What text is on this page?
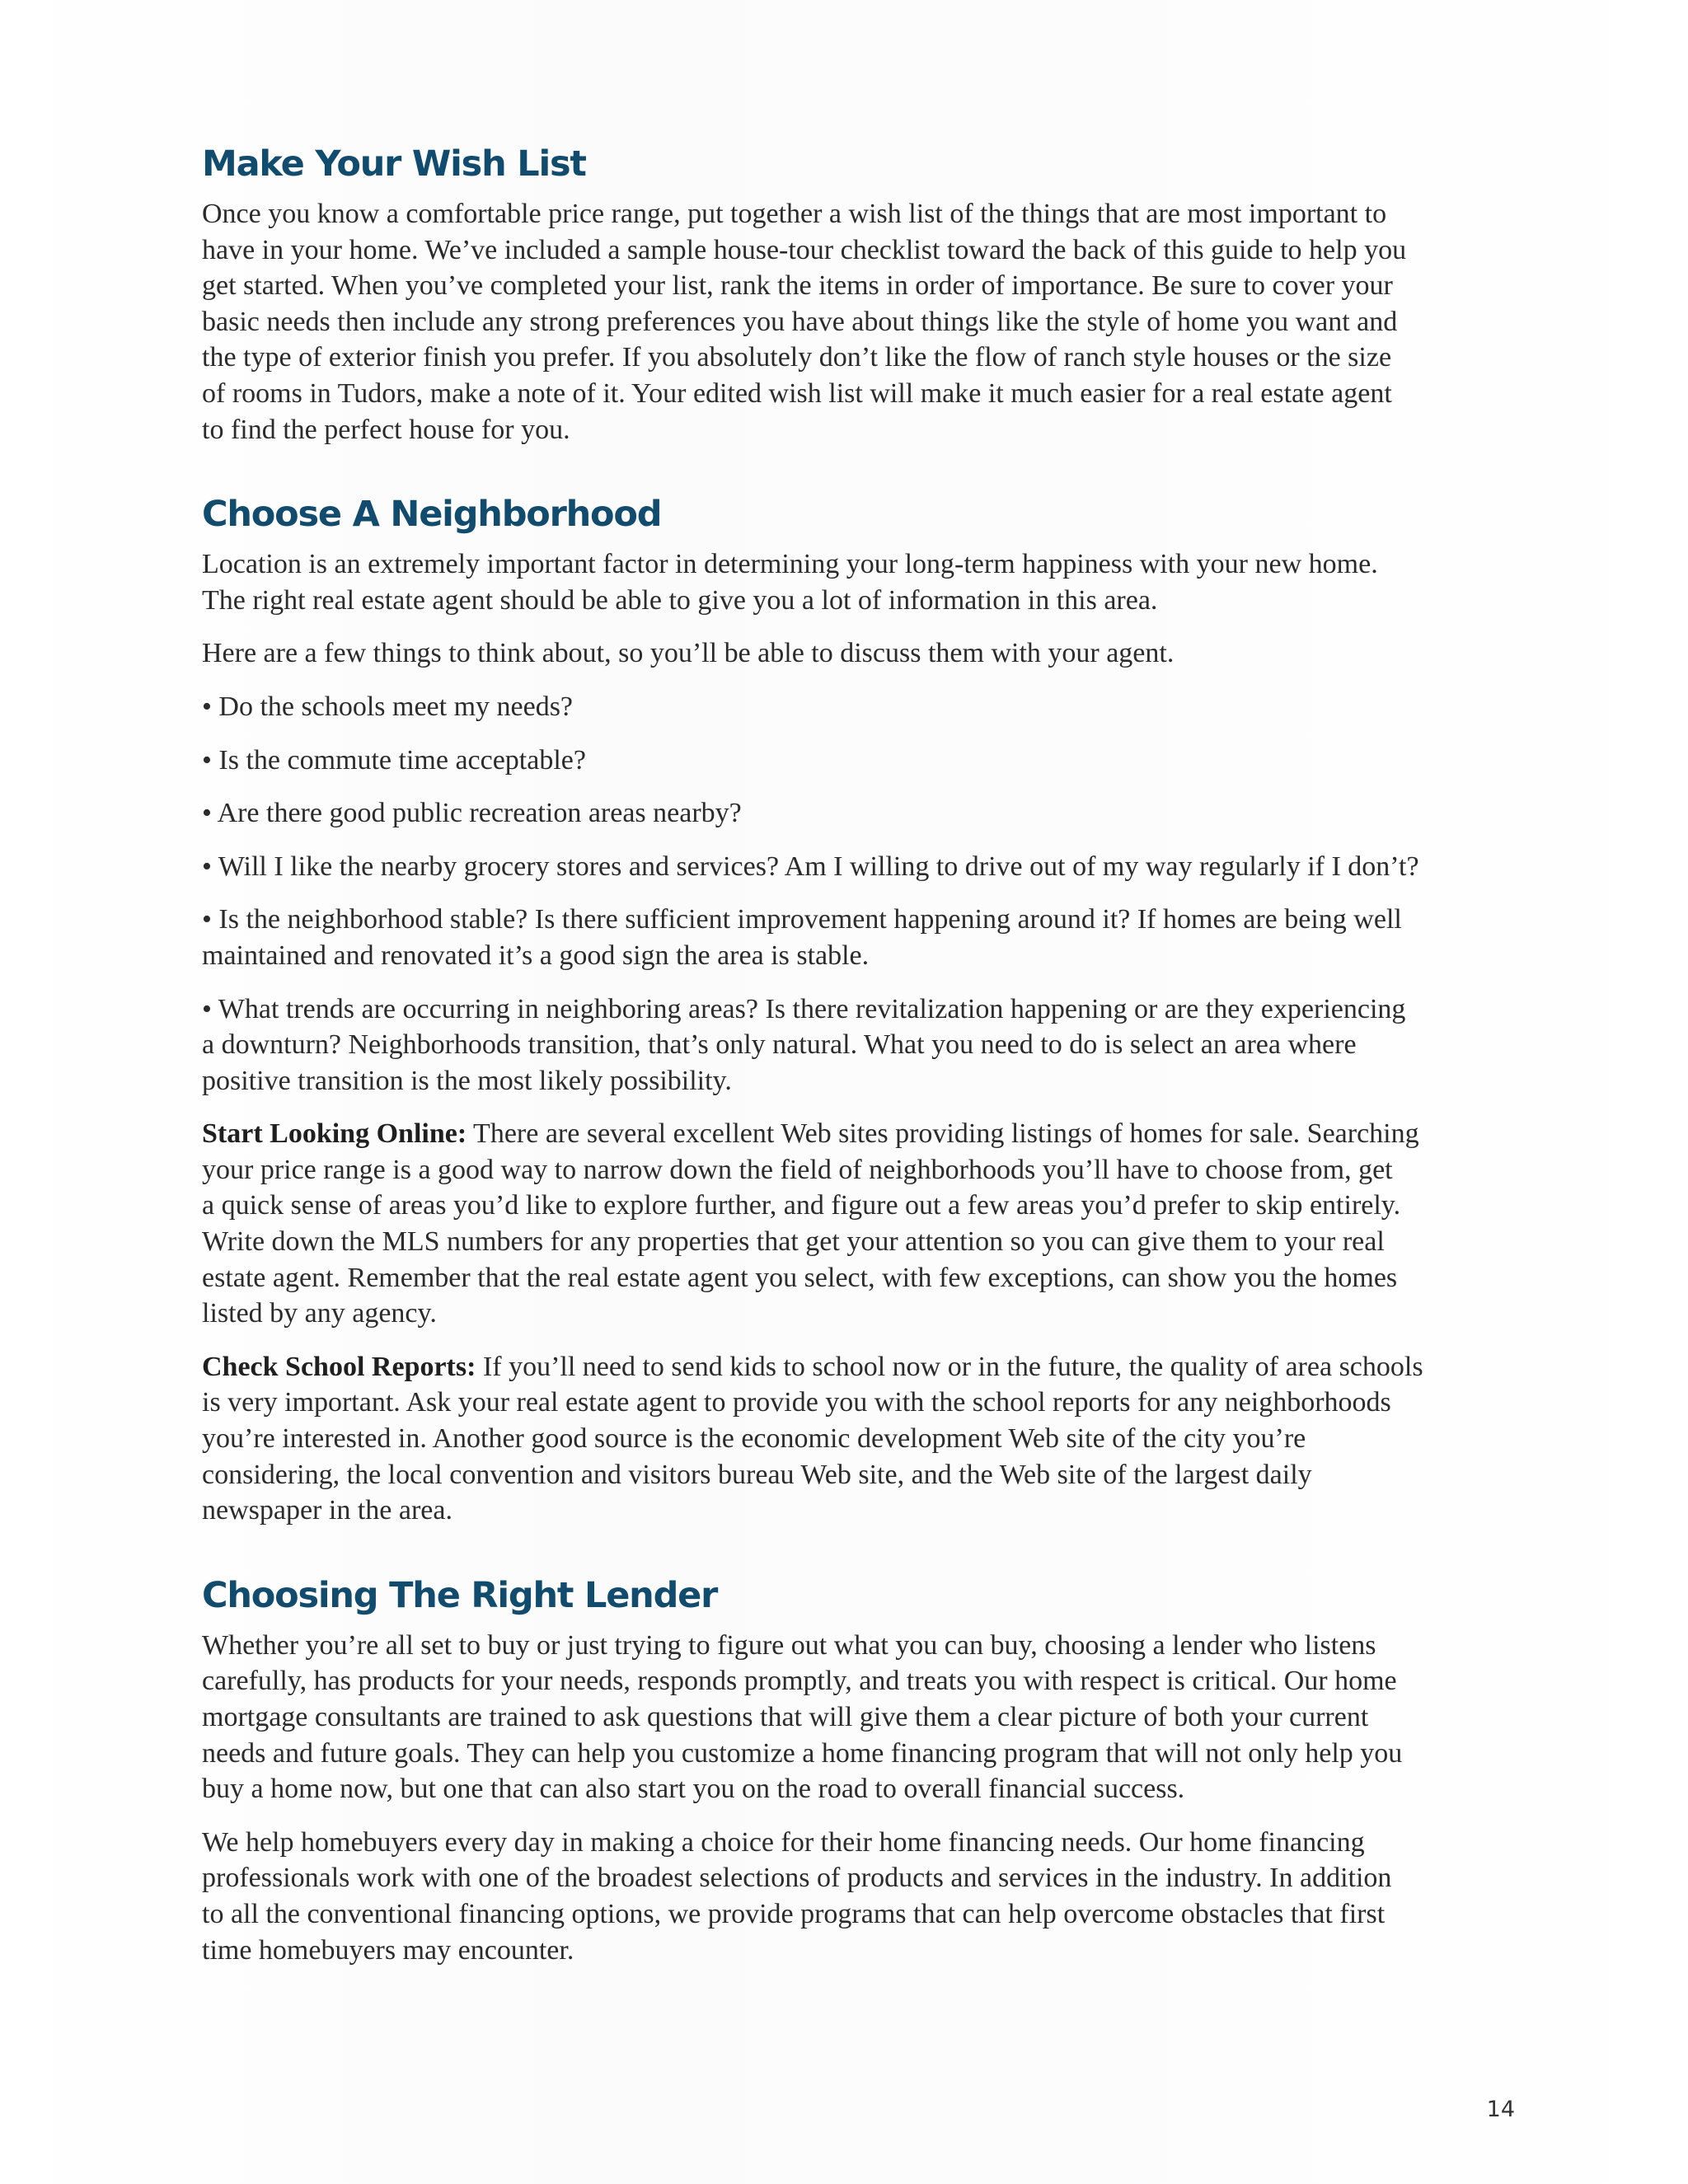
Make Your Wish List

Once you know a comfortable price range, put together a wish list of the things that are most important to
have in your home. We’ve included a sample house-tour checklist toward the back of this guide to help you
get started. When you’ve completed your list, rank the items in order of importance. Be sure to cover your
basic needs then include any strong preferences you have about things like the style of home you want and
the type of exterior finish you prefer. If you absolutely don’t like the flow of ranch style houses or the size
of rooms in Tudors, make a note of it. Your edited wish list will make it much easier for a real estate agent
to find the perfect house for you.

Choose A Neighborhood

Location is an extremely important factor in determining your long-term happiness with your new home.
The right real estate agent should be able to give you a lot of information in this area.

Here are a few things to think about, so you’ll be able to discuss them with your agent.

• Do the schools meet my needs?

• Is the commute time acceptable?

• Are there good public recreation areas nearby?

• Will I like the nearby grocery stores and services? Am I willing to drive out of my way regularly if I don’t?

• Is the neighborhood stable? Is there sufficient improvement happening around it? If homes are being well
maintained and renovated it’s a good sign the area is stable.

• What trends are occurring in neighboring areas? Is there revitalization happening or are they experiencing
a downturn? Neighborhoods transition, that’s only natural. What you need to do is select an area where
positive transition is the most likely possibility.

Start Looking Online: There are several excellent Web sites providing listings of homes for sale. Searching
your price range is a good way to narrow down the field of neighborhoods you’ll have to choose from, get
a quick sense of areas you’d like to explore further, and figure out a few areas you’d prefer to skip entirely.
Write down the MLS numbers for any properties that get your attention so you can give them to your real
estate agent. Remember that the real estate agent you select, with few exceptions, can show you the homes
listed by any agency.

Check School Reports: If you’ll need to send kids to school now or in the future, the quality of area schools
is very important. Ask your real estate agent to provide you with the school reports for any neighborhoods
you’re interested in. Another good source is the economic development Web site of the city you’re
considering, the local convention and visitors bureau Web site, and the Web site of the largest daily
newspaper in the area.

Choosing The Right Lender

Whether you’re all set to buy or just trying to figure out what you can buy, choosing a lender who listens
carefully, has products for your needs, responds promptly, and treats you with respect is critical. Our home
mortgage consultants are trained to ask questions that will give them a clear picture of both your current
needs and future goals. They can help you customize a home financing program that will not only help you
buy a home now, but one that can also start you on the road to overall financial success.

We help homebuyers every day in making a choice for their home financing needs. Our home financing
professionals work with one of the broadest selections of products and services in the industry. In addition
to all the conventional financing options, we provide programs that can help overcome obstacles that first
time homebuyers may encounter.

14
